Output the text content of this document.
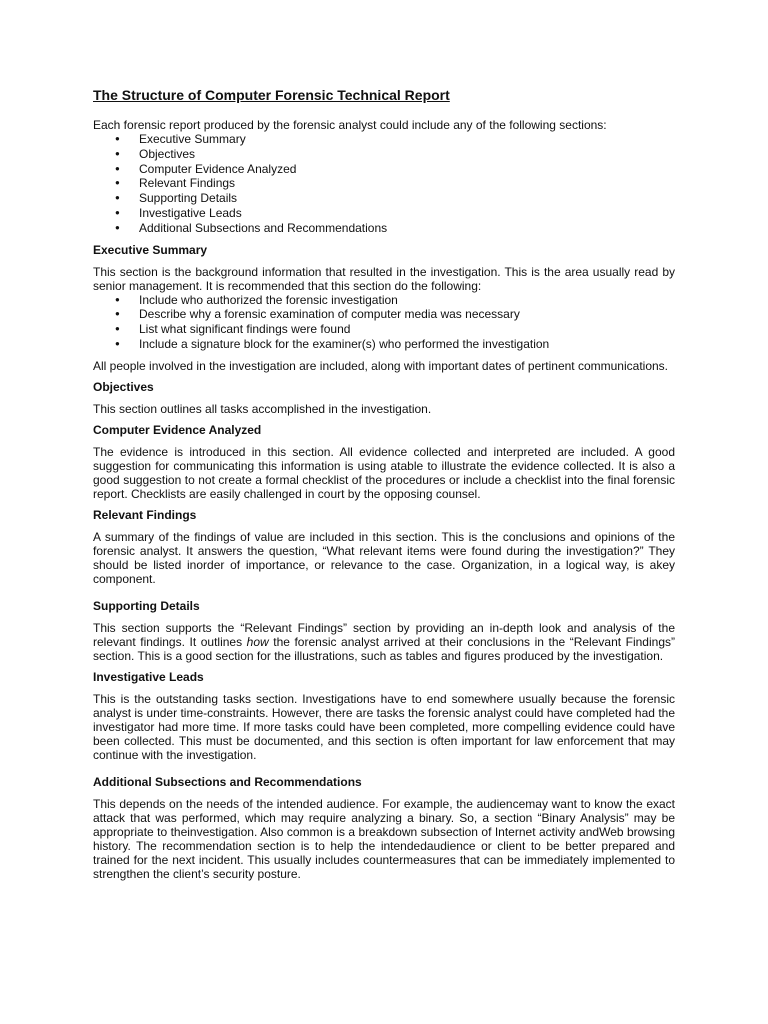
The Structure of Computer Forensic Technical Report

Each forensic report produced by the forensic analyst could include any of the following sections:

● Executive Summary
● Objectives
● Computer Evidence Analyzed
● Relevant Findings
● Supporting Details
● Investigative Leads
● Additional Subsections and Recommendations
Executive Summary

This section is the background information that resulted in the investigation. This is the area usually read by senior management. It is recommended that this section do the following:

● Include who authorized the forensic investigation
● Describe why a forensic examination of computer media was necessary
● List what significant findings were found
● Include a signature block for the examiner(s) who performed the investigation

All people involved in the investigation are included, along with important dates of pertinent communications.

Objectives

This section outlines all tasks accomplished in the investigation.

Computer Evidence Analyzed

The evidence is introduced in this section. All evidence collected and interpreted are included. A good suggestion for communicating this information is using atable to illustrate the evidence collected. It is also a good suggestion to not create a formal checklist of the procedures or include a checklist into the final forensic report. Checklists are easily challenged in court by the opposing counsel.

Relevant Findings

A summary of the findings of value are included in this section. This is the conclusions and opinions of the forensic analyst. It answers the question, “What relevant items were found during the investigation?” They should be listed inorder of importance, or relevance to the case. Organization, in a logical way, is akey component.

Supporting Details

This section supports the “Relevant Findings” section by providing an in-depth look and analysis of the relevant findings. It outlines how the forensic analyst arrived at their conclusions in the “Relevant Findings” section. This is a good section for the illustrations, such as tables and figures produced by the investigation.

Investigative Leads

This is the outstanding tasks section. Investigations have to end somewhere usually because the forensic analyst is under time-constraints. However, there are tasks the forensic analyst could have completed had the investigator had more time. If more tasks could have been completed, more compelling evidence could have been collected. This must be documented, and this section is often important for law enforcement that may continue with the investigation.

Additional Subsections and Recommendations

This depends on the needs of the intended audience. For example, the audiencemay want to know the exact attack that was performed, which may require analyzing a binary. So, a section “Binary Analysis” may be appropriate to theinvestigation. Also common is a breakdown subsection of Internet activity andWeb browsing history. The recommendation section is to help the intendedaudience or client to be better prepared and trained for the next incident. This usually includes countermeasures that can be immediately implemented to strengthen the client’s security posture.
